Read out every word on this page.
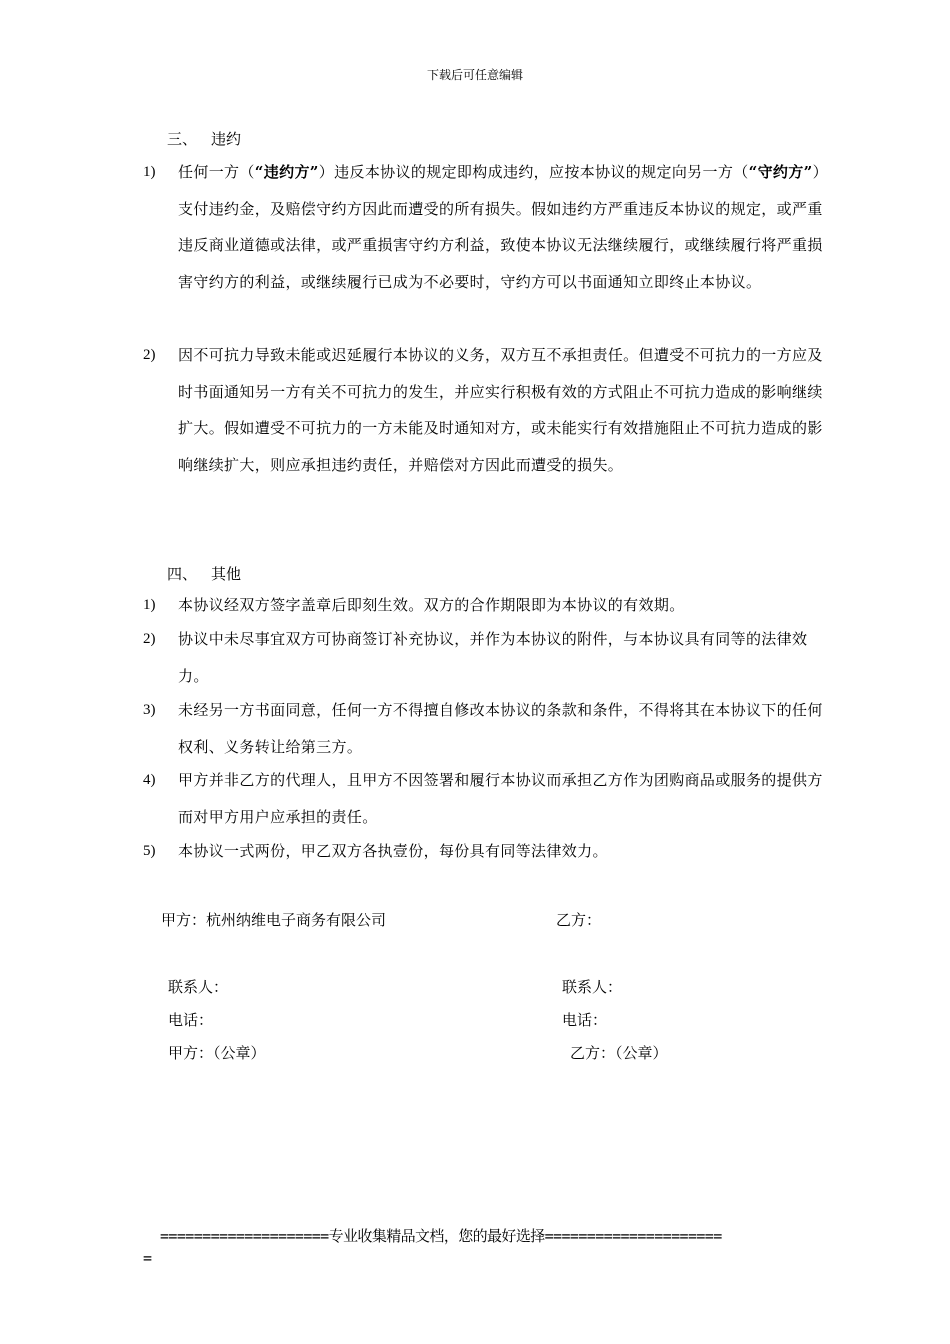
下载后可任意编辑
三、 违约
1) 任何一方（“违约方”）违反本协议的规定即构成违约，应按本协议的规定向另一方（“守约方”）支付违约金，及赔偿守约方因此而遭受的所有损失。假如违约方严重违反本协议的规定，或严重违反商业道德或法律，或严重损害守约方利益，致使本协议无法继续履行，或继续履行将严重损害守约方的利益，或继续履行已成为不必要时，守约方可以书面通知立即终止本协议。
2) 因不可抗力导致未能或迟延履行本协议的义务，双方互不承担责任。但遭受不可抗力的一方应及时书面通知另一方有关不可抗力的发生，并应实行积极有效的方式阻止不可抗力造成的影响继续扩大。假如遭受不可抗力的一方未能及时通知对方，或未能实行有效措施阻止不可抗力造成的影响继续扩大，则应承担违约责任，并赔偿对方因此而遭受的损失。
四、 其他
1) 本协议经双方签字盖章后即刻生效。双方的合作期限即为本协议的有效期。
2) 协议中未尽事宜双方可协商签订补充协议，并作为本协议的附件，与本协议具有同等的法律效力。
3) 未经另一方书面同意，任何一方不得擅自修改本协议的条款和条件，不得将其在本协议下的任何权利、义务转让给第三方。
4) 甲方并非乙方的代理人，且甲方不因签署和履行本协议而承担乙方作为团购商品或服务的提供方而对甲方用户应承担的责任。
5) 本协议一式两份，甲乙双方各执壹份，每份具有同等法律效力。
甲方：杭州纳维电子商务有限公司	乙方：
联系人：	联系人：
电话：	电话：
甲方：（公章）	乙方：（公章）
====================专业收集精品文档，您的最好选择=====================
=
